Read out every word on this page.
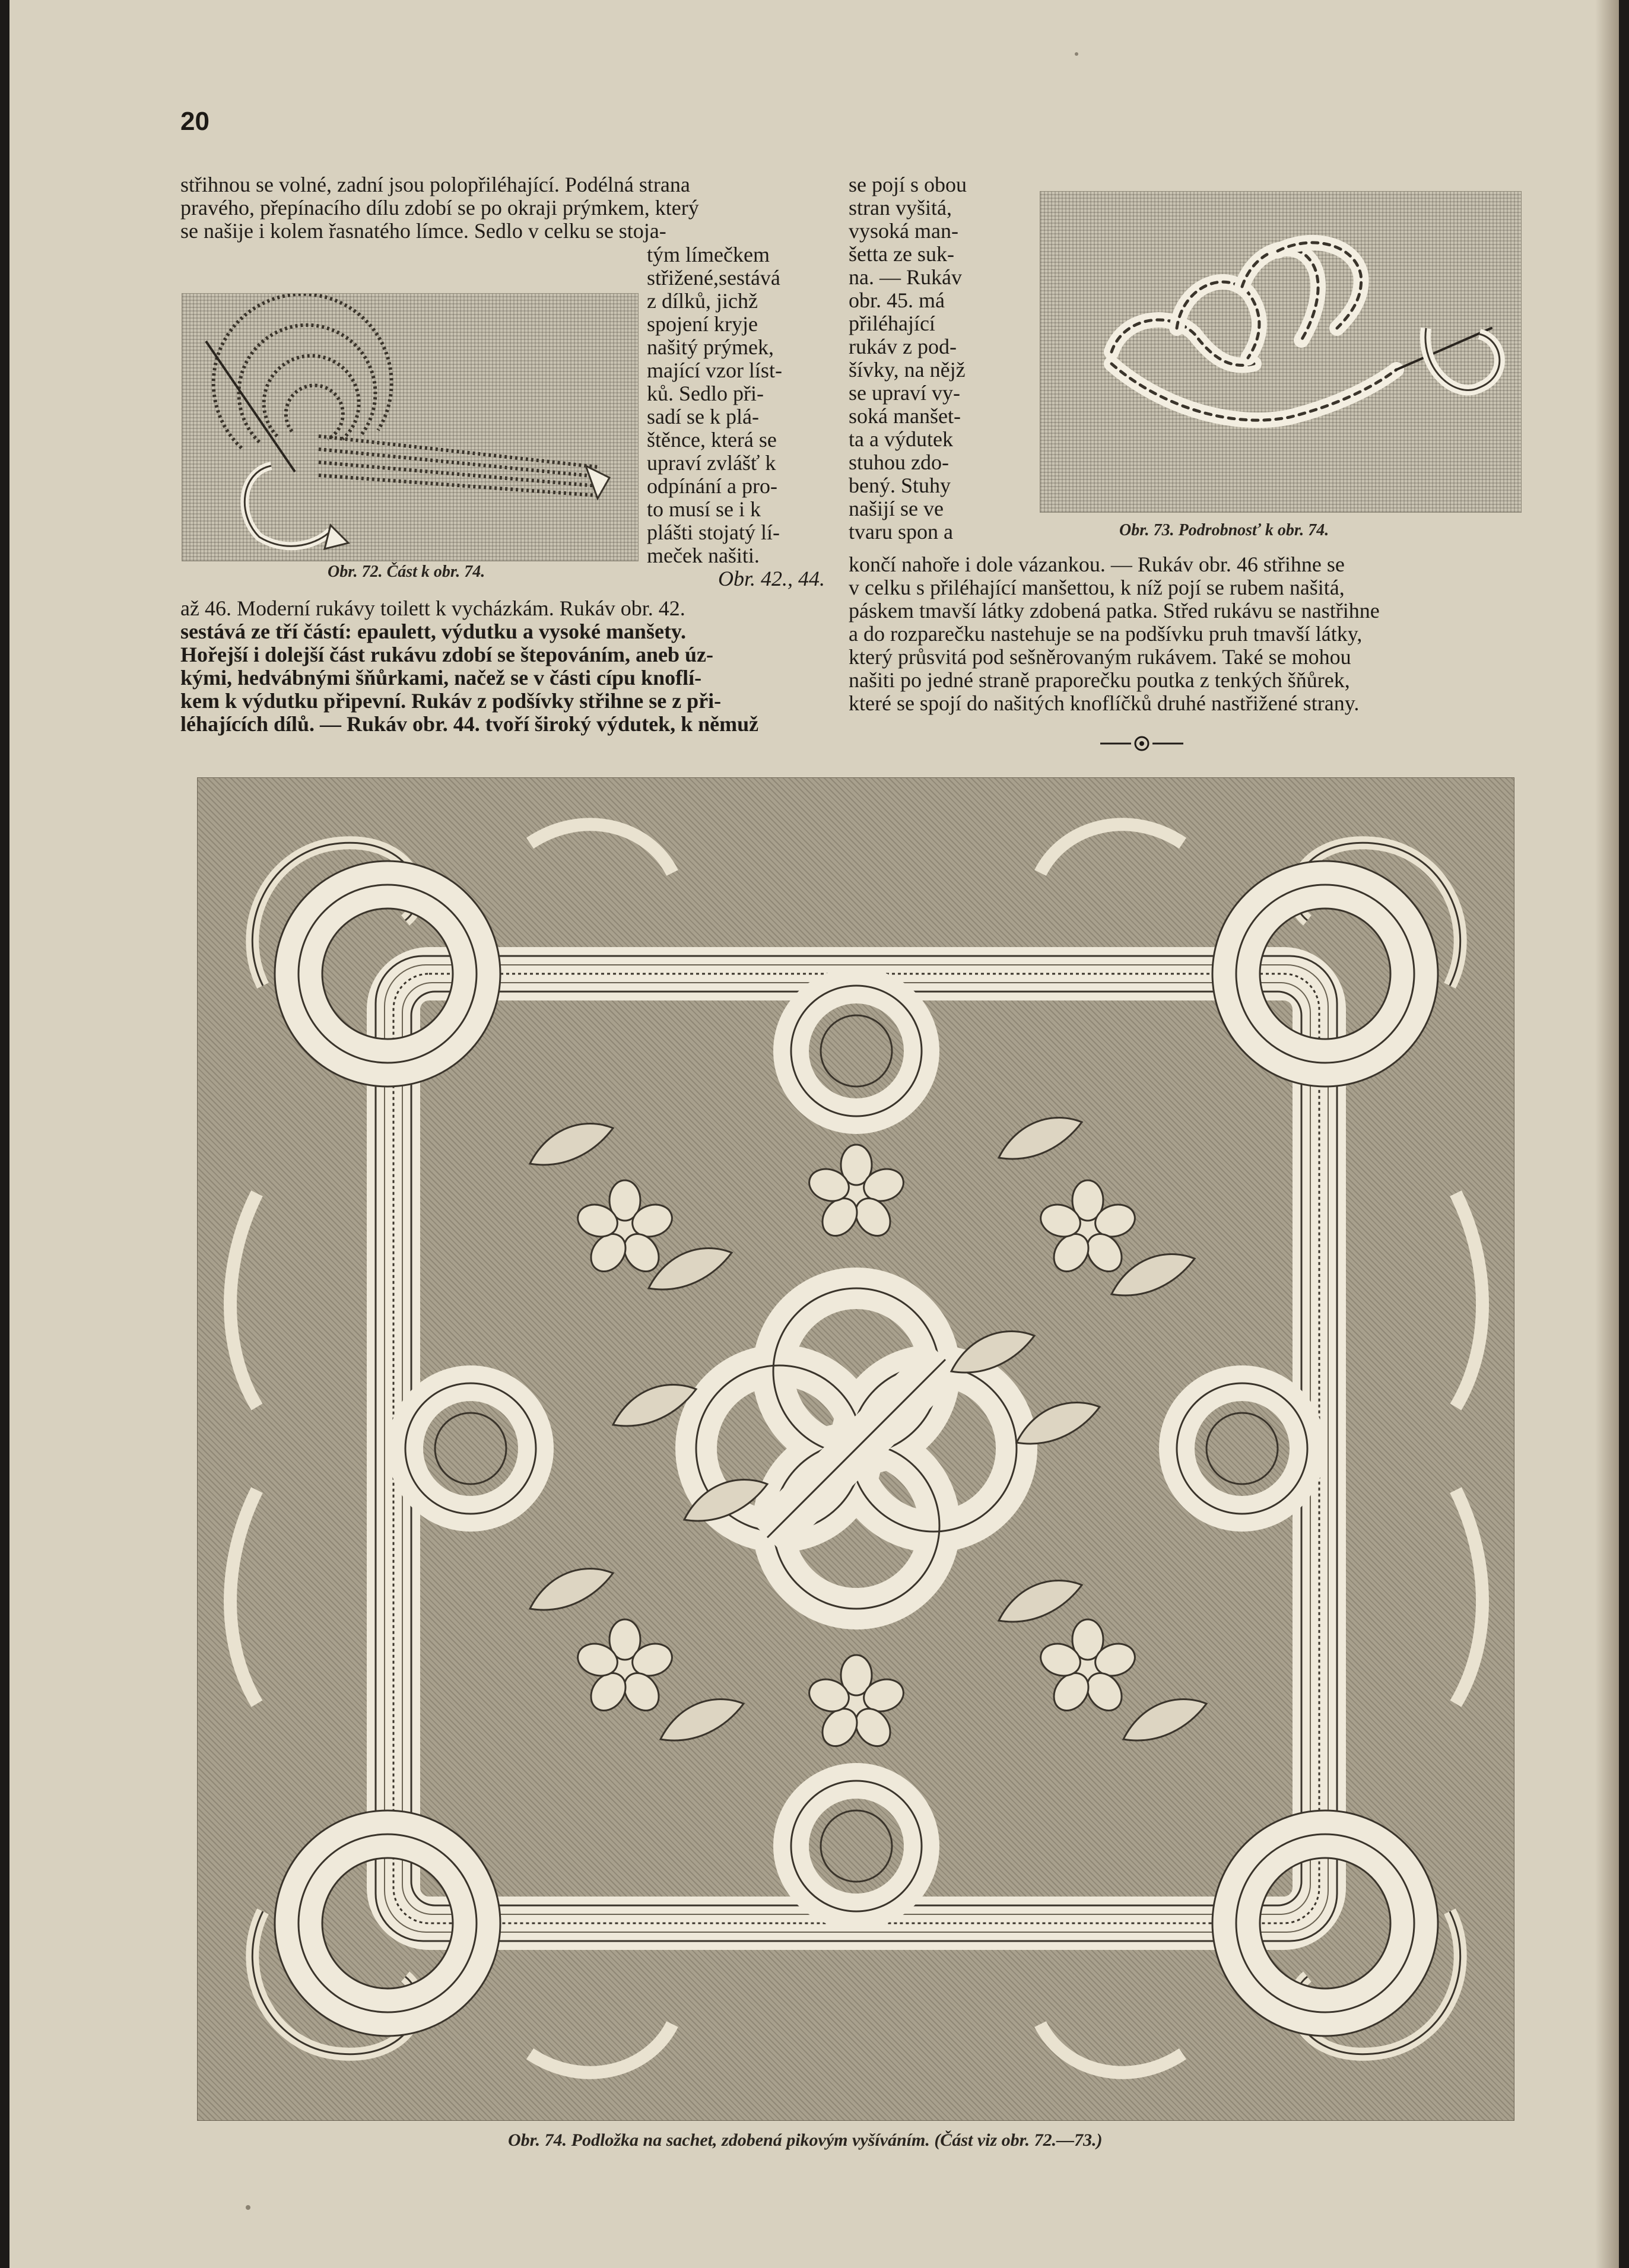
20

střihnou se volné, zadní jsou polopřiléhající. Podélná strana

pravého, přepínacího dílu zdobí se po okraji prýmkem, který

se našije i kolem řasnatého límce. Sedlo v celku se stoja-

Obr. 72. Část k obr. 74.

tým límečkem

střižené,sestává

z dílků, jichž

spojení kryje

našitý prýmek,

mající vzor líst-

ků. Sedlo při-

sadí se k plá-

štěnce, která se

upraví zvlášť k

odpínání a pro-

to musí se i k

plášti stojatý lí-

meček našiti.

Obr. 42., 44.

až 46. Moderní rukávy toilett k vycházkám. Rukáv obr. 42.

sestává ze tří částí: epaulett, výdutku a vysoké manšety.

Hořejší i dolejší část rukávu zdobí se štepováním, aneb úz-

kými, hedvábnými šňůrkami, načež se v části cípu knoflí-

kem k výdutku připevní. Rukáv z podšívky střihne se z při-

léhajících dílů. — Rukáv obr. 44. tvoří široký výdutek, k němuž

se pojí s obou

stran vyšitá,

vysoká man-

šetta ze suk-

na. — Rukáv

obr. 45. má

přiléhající

rukáv z pod-

šívky, na nějž

se upraví vy-

soká manšet-

ta a výdutek

stuhou zdo-

bený. Stuhy

našijí se ve

tvaru spon a	Obr. 73. Podrobnosť k obr. 74.

končí nahoře i dole vázankou. — Rukáv obr. 46 střihne se

v celku s přiléhající manšettou, k níž pojí se rubem našitá,

páskem tmavší látky zdobená patka. Střed rukávu se nastřihne

a do rozparečku nastehuje se na podšívku pruh tmavší látky,

který průsvitá pod sešněrovaným rukávem. Také se mohou

našiti po jedné straně praporečku poutka z tenkých šňůrek,

které se spojí do našitých knoflíčků druhé nastřižené strany.

Obr. 74. Podložka na sachet, zdobená pikovým vyšíváním. (Část viz obr. 72.—73.)
